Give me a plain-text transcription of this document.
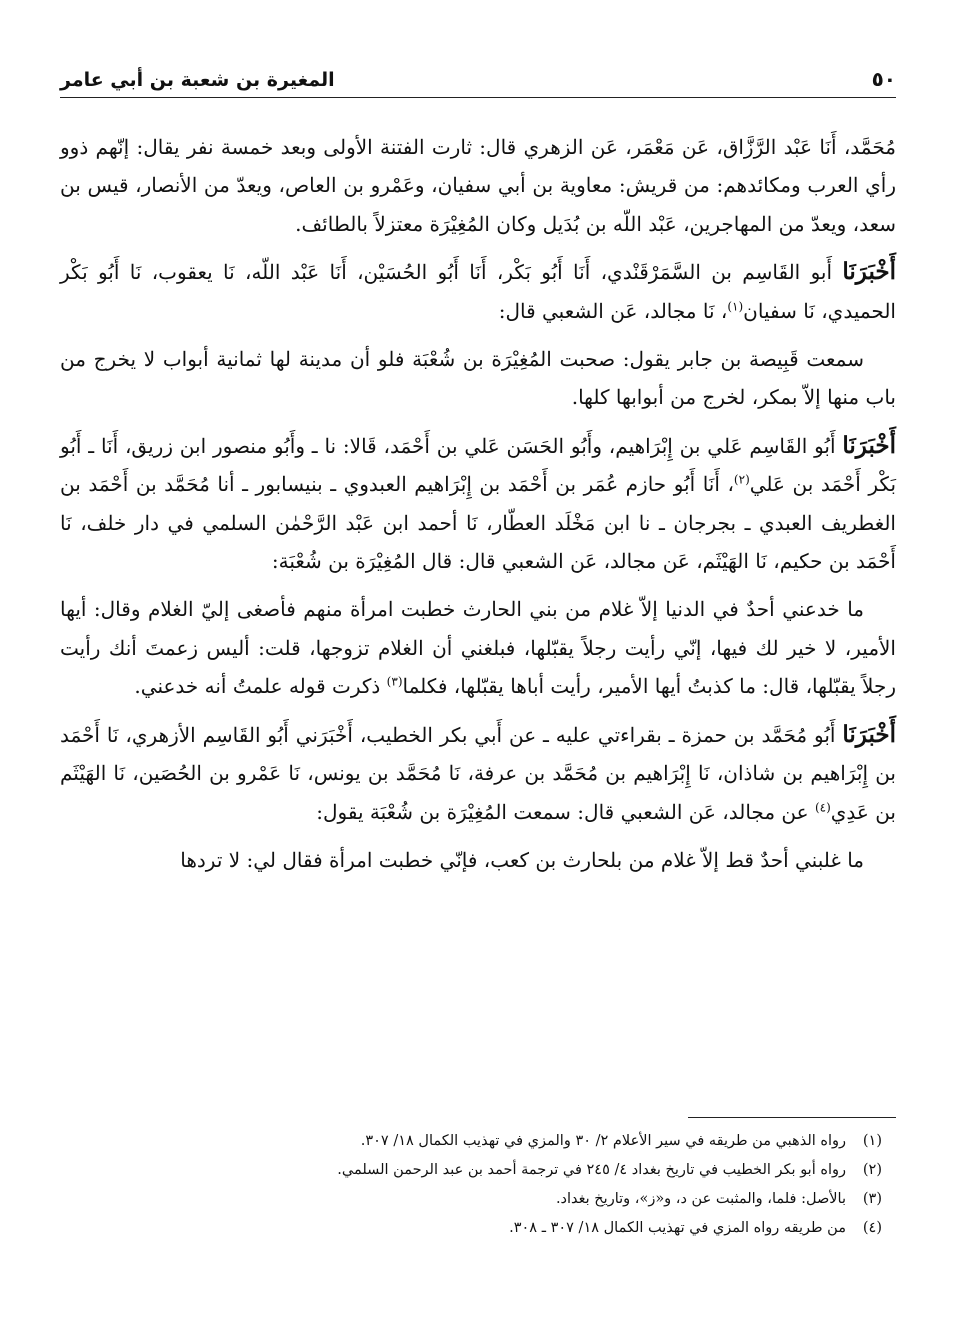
٥٠
المغيرة بن شعبة بن أبي عامر

مُحَمَّد، أَنَا عَبْد الرَّزَّاق، عَن مَعْمَر، عَن الزهري قال: ثارت الفتنة الأولى وبعد خمسة نفر يقال: إنّهم ذوو رأي العرب ومكائدهم: من قريش: معاوية بن أبي سفيان، وعَمْرو بن العاص، ويعدّ من الأنصار، قيس بن سعد، ويعدّ من المهاجرين، عَبْد اللّه بن بُدَيل وكان المُغِيْرَة معتزلاً بالطائف.

أَخْبَرَنَا أَبو القَاسِم بن السَّمَرْقَنْدي، أَنَا أَبُو بَكْر، أَنَا أَبُو الحُسَيْن، أَنَا عَبْد اللّه، نَا يعقوب، نَا أَبُو بَكْر الحميدي، نَا سفيان$^{(١)}$، نَا مجالد، عَن الشعبي قال:

سمعت قَبِيصة بن جابر يقول: صحبت المُغِيْرَة بن شُعْبَة فلو أن مدينة لها ثمانية أبواب لا يخرج من باب منها إلاّ بمكر، لخرج من أبوابها كلها.

أَخْبَرَنَا أَبُو القَاسِم عَلي بن إِبْرَاهيم، وأَبُو الحَسَن عَلي بن أَحْمَد، قَالا: نا ـ وأَبُو منصور ابن زريق، أَنَا ـ أَبُو بَكْر أَحْمَد بن عَلي$^{(٢)}$، أَنَا أَبُو حازم عُمَر بن أَحْمَد بن إِبْرَاهيم العبدوي ـ بنيسابور ـ أنا مُحَمَّد بن أَحْمَد بن الغطريف العبدي ـ بجرجان ـ نا ابن مَخْلَد العطّار، نَا أحمد ابن عَبْد الرَّحْمٰن السلمي في دار خلف، نَا أَحْمَد بن حكيم، نَا الهَيْثَم، عَن مجالد، عَن الشعبي قال: قال المُغِيْرَة بن شُعْبَة:

ما خدعني أحدٌ في الدنيا إلاّ غلام من بني الحارث خطبت امرأة منهم فأصغى إليّ الغلام وقال: أيها الأمير، لا خير لك فيها، إنّي رأيت رجلاً يقبّلها، فبلغني أن الغلام تزوجها، قلت: أليس زعمتَ أنك رأيت رجلاً يقبّلها، قال: ما كذبتُ أيها الأمير، رأيت أباها يقبّلها، فكلما$^{(٣)}$ ذكرت قوله علمتُ أنه خدعني.

أَخْبَرَنَا أَبُو مُحَمَّد بن حمزة ـ بقراءتي عليه ـ عن أَبي بكر الخطيب، أَخْبَرَني أَبُو القَاسِم الأزهري، نَا أَحْمَد بن إِبْرَاهيم بن شاذان، نَا إِبْرَاهيم بن مُحَمَّد بن عرفة، نَا مُحَمَّد بن يونس، نَا عَمْرو بن الحُصَين، نَا الهَيْثَم بن عَدِي$^{(٤)}$ عن مجالد، عَن الشعبي قال: سمعت المُغِيْرَة بن شُعْبَة يقول:

ما غلبني أحدٌ قط إلاّ غلام من بلحارث بن كعب، فإنّي خطبت امرأة فقال لي: لا تردها

(١)
رواه الذهبي من طريقه في سير الأعلام ٢/ ٣٠ والمزي في تهذيب الكمال ١٨/ ٣٠٧.
(٢)
رواه أبو بكر الخطيب في تاريخ بغداد ٤/ ٢٤٥ في ترجمة أحمد بن عبد الرحمن السلمي.
(٣)
بالأصل: فلما، والمثبت عن د، و«ز»، وتاريخ بغداد.
(٤)
من طريقه رواه المزي في تهذيب الكمال ١٨/ ٣٠٧ ـ ٣٠٨.
